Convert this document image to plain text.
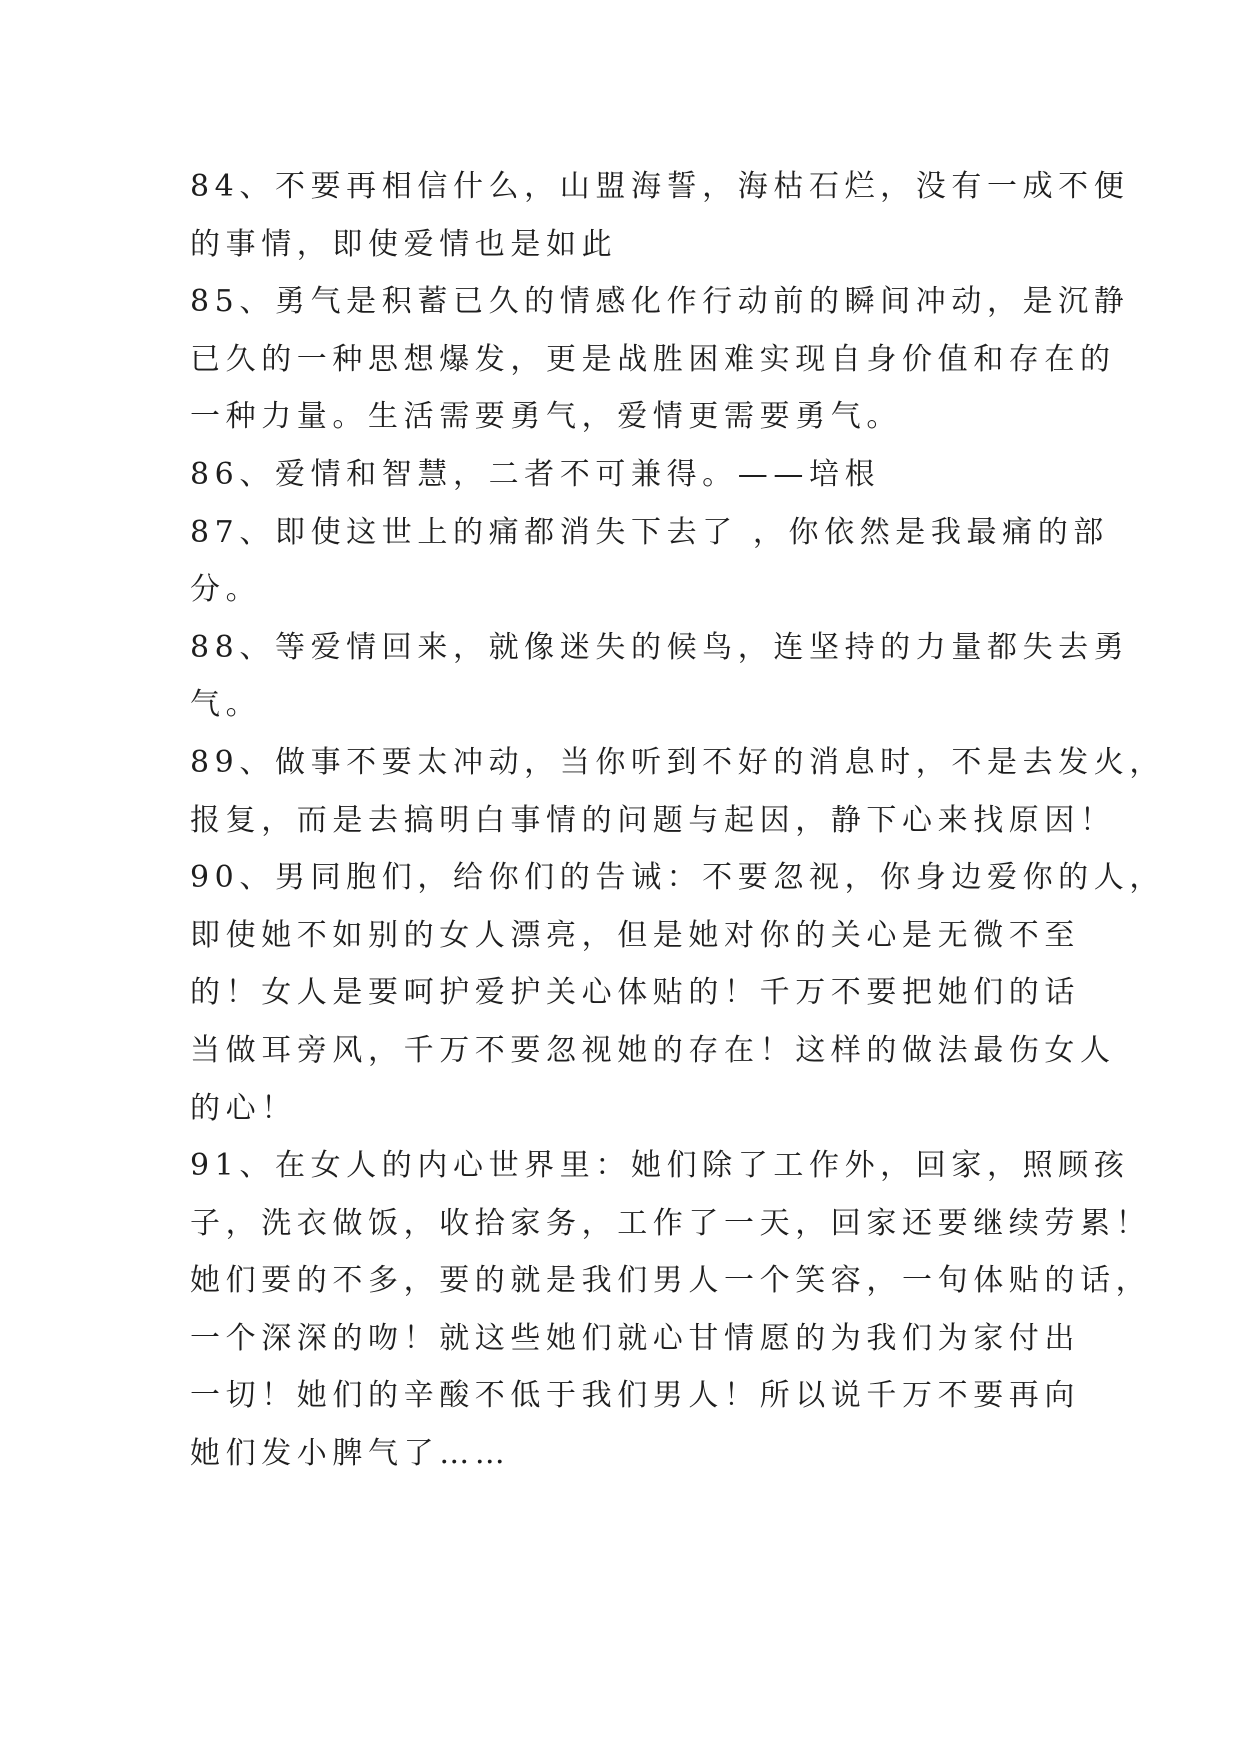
84、不要再相信什么，山盟海誓，海枯石烂，没有一成不便
的事情，即使爱情也是如此
85、勇气是积蓄已久的情感化作行动前的瞬间冲动，是沉静
已久的一种思想爆发，更是战胜困难实现自身价值和存在的
一种力量。生活需要勇气，爱情更需要勇气。
86、爱情和智慧，二者不可兼得。——培根
87、即使这世上的痛都消失下去了 ，你依然是我最痛的部
分。
88、等爱情回来，就像迷失的候鸟，连坚持的力量都失去勇
气。
89、做事不要太冲动，当你听到不好的消息时，不是去发火，
报复，而是去搞明白事情的问题与起因，静下心来找原因！
90、男同胞们，给你们的告诫：不要忽视，你身边爱你的人，
即使她不如别的女人漂亮，但是她对你的关心是无微不至
的！女人是要呵护爱护关心体贴的！千万不要把她们的话
当做耳旁风，千万不要忽视她的存在！这样的做法最伤女人
的心！
91、在女人的内心世界里：她们除了工作外，回家，照顾孩
子，洗衣做饭，收拾家务，工作了一天，回家还要继续劳累！
她们要的不多，要的就是我们男人一个笑容，一句体贴的话，
一个深深的吻！就这些她们就心甘情愿的为我们为家付出
一切！她们的辛酸不低于我们男人！所以说千万不要再向
她们发小脾气了……
